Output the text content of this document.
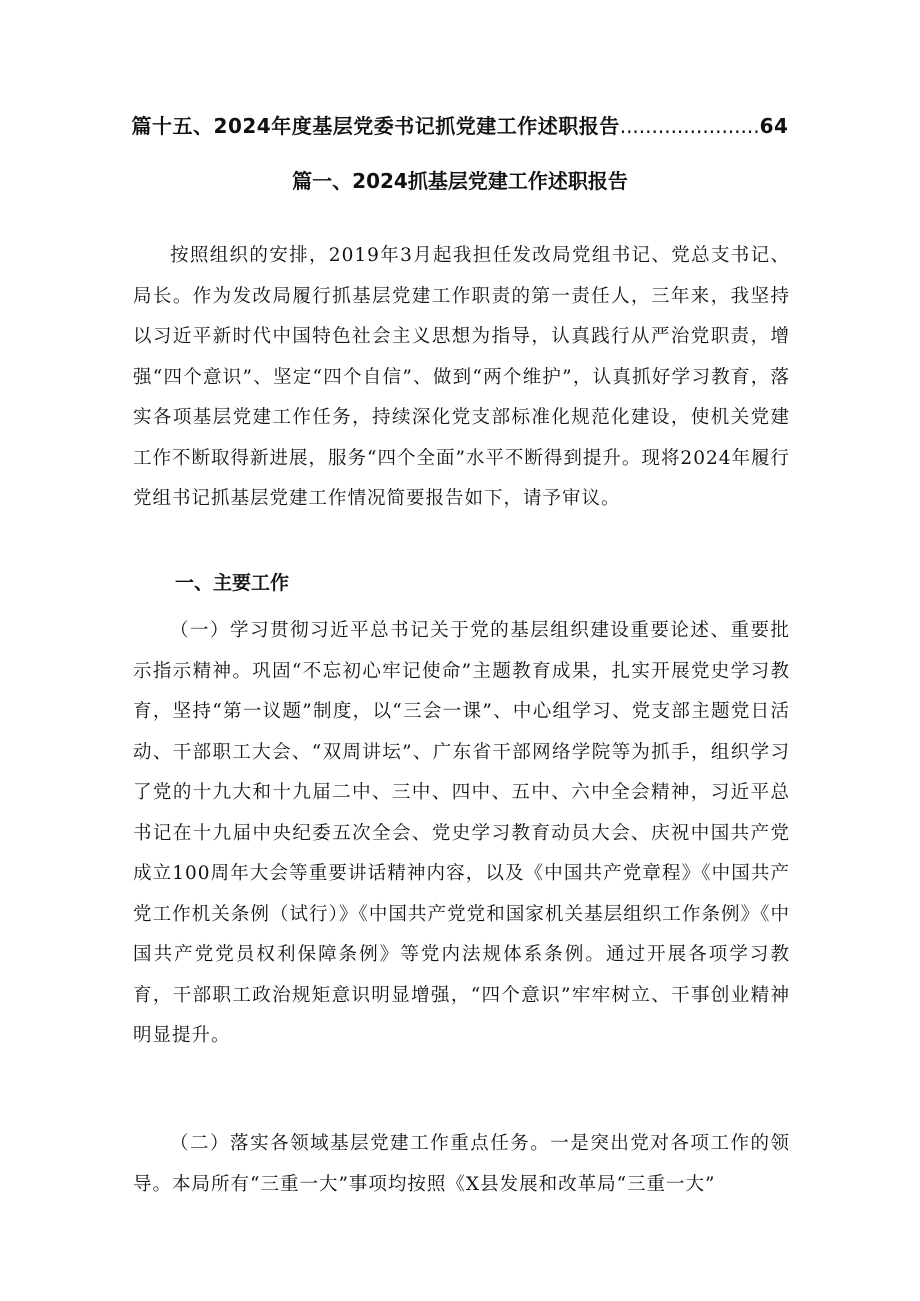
篇十五、2024年度基层党委书记抓党建工作述职报告......................64
篇一、2024抓基层党建工作述职报告

按照组织的安排，2019年3月起我担任发改局党组书记、党总支书记、局长。作为发改局履行抓基层党建工作职责的第一责任人，三年来，我坚持以习近平新时代中国特色社会主义思想为指导，认真践行从严治党职责，增强“四个意识”、坚定“四个自信”、做到“两个维护”，认真抓好学习教育，落实各项基层党建工作任务，持续深化党支部标准化规范化建设，使机关党建工作不断取得新进展，服务“四个全面”水平不断得到提升。现将2024年履行党组书记抓基层党建工作情况简要报告如下，请予审议。

一、主要工作

（一）学习贯彻习近平总书记关于党的基层组织建设重要论述、重要批示指示精神。巩固“不忘初心牢记使命”主题教育成果，扎实开展党史学习教育，坚持“第一议题”制度，以“三会一课”、中心组学习、党支部主题党日活动、干部职工大会、“双周讲坛”、广东省干部网络学院等为抓手，组织学习了党的十九大和十九届二中、三中、四中、五中、六中全会精神，习近平总书记在十九届中央纪委五次全会、党史学习教育动员大会、庆祝中国共产党成立100周年大会等重要讲话精神内容，以及《中国共产党章程》《中国共产党工作机关条例（试行）》《中国共产党党和国家机关基层组织工作条例》《中国共产党党员权利保障条例》等党内法规体系条例。通过开展各项学习教育，干部职工政治规矩意识明显增强，“四个意识”牢牢树立、干事创业精神明显提升。

（二）落实各领域基层党建工作重点任务。一是突出党对各项工作的领导。本局所有“三重一大”事项均按照《X县发展和改革局“三重一大”
